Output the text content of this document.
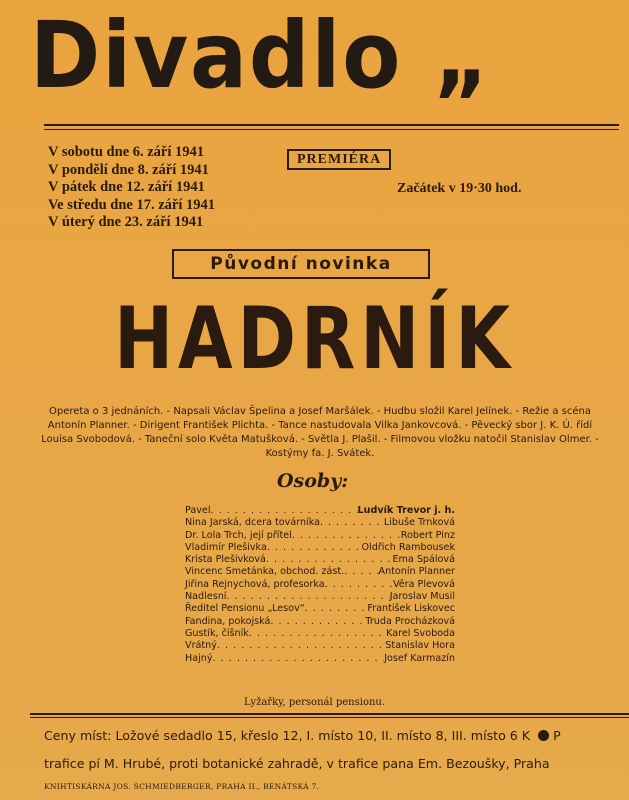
Divadlo „
V sobotu dne 6. září 1941
V pondělí dne 8. září 1941
V pátek dne 12. září 1941
Ve středu dne 17. září 1941
V úterý dne 23. září 1941
PREMIÉRA
Začátek v 19·30 hod.
Původní novinka
HADRNÍK
Opereta o 3 jednáních. - Napsali Václav Špelina a Josef Maršálek. - Hudbu složil Karel Jelínek. - Režie a scéna Antonín Planner. - Dirigent František Plichta. - Tance nastudovala Vilka Jankovcová. - Pěvecký sbor J. K. Ú. řídí Louisa Svobodová. - Taneční solo Květa Matušková. - Světla J. Plašil. - Filmovou vložku natočil Stanislav Olmer. - Kostýmy fa. J. Svátek.
Osoby:
Pavel . . .	Ludvík Trevor j. h.
Nina Jarská, dcera továrníka . . .	Libuše Trnková
Dr. Lola Trch, její přítel . . .	Robert Pinz
Vladimír Plešivka . . .	Oldřich Rambousek
Krista Plešivková . . .	Ema Spálová
Vincenc Smetánka, obchod. zást. . . .	Antonín Planner
Jiřina Rejnychová, profesorka . . .	Věra Plevová
Nadlesní . . .	Jaroslav Musil
Ředitel Pensionu „Lesov“ . . .	František Liskovec
Fandina, pokojská . . .	Truda Procházková
Gustík, číšník . . .	Karel Svoboda
Vrátný . . .	Stanislav Hora
Hajný . . .	Josef Karmazín
Lyžařky, personál pensionu.
Ceny míst: Ložové sedadlo 15, křeslo 12, I. místo 10, II. místo 8, III. místo 6 K P
trafice pí M. Hrubé, proti botanické zahradě, v trafice pana Em. Bezoušky, Praha
KNIHTISKÁRNA JOS. SCHMIEDBERGER, PRAHA II., BENÁTSKÁ 7.
